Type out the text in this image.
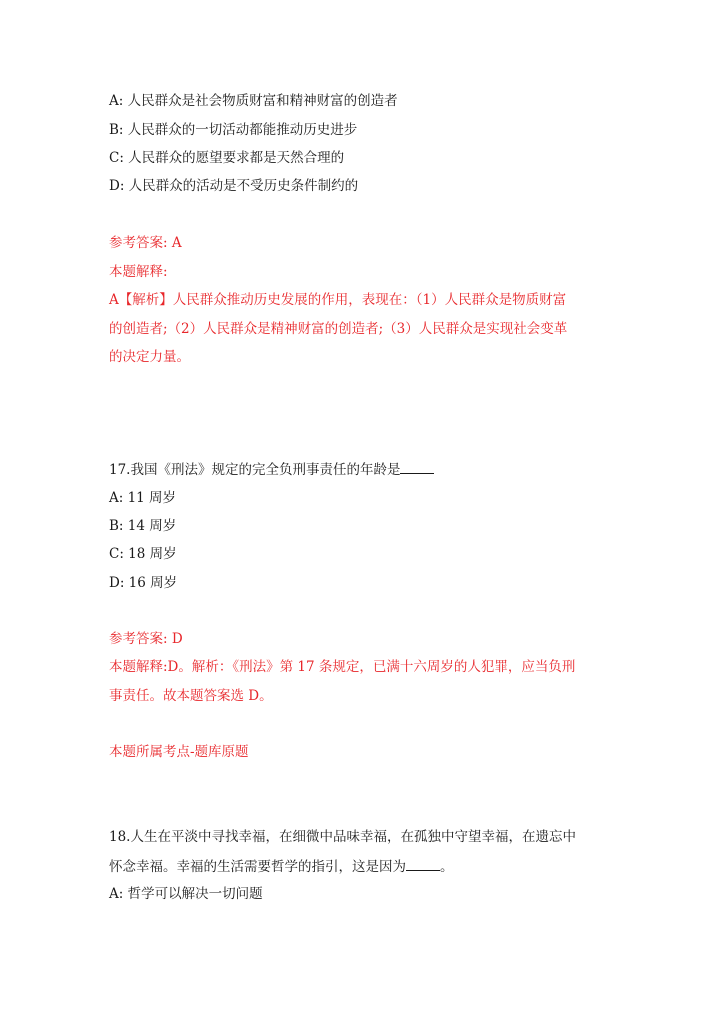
A: 人民群众是社会物质财富和精神财富的创造者
B: 人民群众的一切活动都能推动历史进步
C: 人民群众的愿望要求都是天然合理的
D: 人民群众的活动是不受历史条件制约的
参考答案: A
本题解释:
A【解析】人民群众推动历史发展的作用，表现在：（1）人民群众是物质财富
的创造者;（2）人民群众是精神财富的创造者;（3）人民群众是实现社会变革
的决定力量。
17.我国《刑法》规定的完全负刑事责任的年龄是
A: 11 周岁
B: 14 周岁
C: 18 周岁
D: 16 周岁
参考答案: D
本题解释:D。解析：《刑法》第 17 条规定，已满十六周岁的人犯罪，应当负刑
事责任。故本题答案选 D。
本题所属考点-题库原题
18.人生在平淡中寻找幸福，在细微中品味幸福，在孤独中守望幸福，在遗忘中
怀念幸福。幸福的生活需要哲学的指引，这是因为	。
A: 哲学可以解决一切问题
